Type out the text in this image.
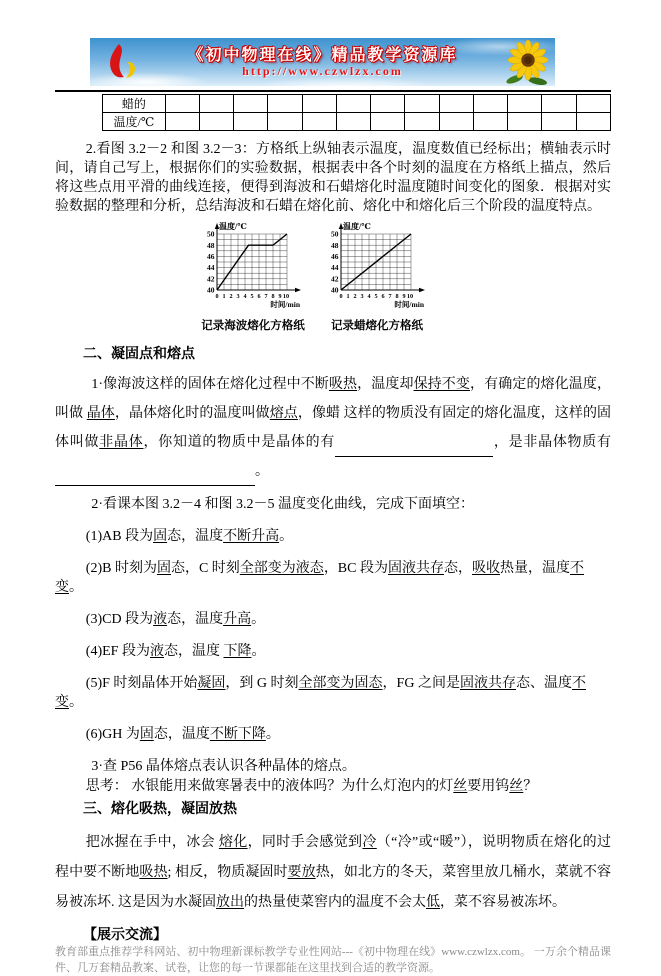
《初中物理在线》精品教学资源库
http://www.czwlzx.com
蜡的													
温度/℃													

2.看图 3.2－2 和图 3.2－3：方格纸上纵轴表示温度，温度数值已经标出；横轴表示时间，请自己写上，根据你们的实验数据，根据表中各个时刻的温度在方格纸上描点，然后将这些点用平滑的曲线连接，便得到海波和石蜡熔化时温度随时间变化的图象．根据对实验数据的整理和分析，总结海波和石蜡在熔化前、熔化中和熔化后三个阶段的温度特点。

40
42
44
46
48
50
0 1 2 3 4 5 6 7 8 9 10
温度/℃
时间/min
记录海波熔化方格纸
40
42
44
46
48
50
0 1 2 3 4 5 6 7 8 9 10
温度/℃
时间/min
记录蜡熔化方格纸

二、凝固点和熔点

1·像海波这样的固体在熔化过程中不断吸热，温度却保持不变，有确定的熔化温度，叫做 晶体，晶体熔化时的温度叫做熔点，像蜡 这样的物质没有固定的熔化温度，这样的固体叫做非晶体，你知道的物质中是晶体的有	，是非晶体物质有。

2·看课本图 3.2－4 和图 3.2－5 温度变化曲线，完成下面填空：

(1)AB 段为固态，温度不断升高。

(2)B 时刻为固态，C 时刻全部变为液态，BC 段为固液共存态，吸收热量，温度不变。

(3)CD 段为液态，温度升高。

(4)EF 段为液态，温度 下降。

(5)F 时刻晶体开始凝固，到 G 时刻全部变为固态，FG 之间是固液共存态、温度不变。

(6)GH 为固态，温度不断下降。

3·查 P56 晶体熔点表认识各种晶体的熔点。

思考： 水银能用来做寒暑表中的液体吗？为什么灯泡内的灯丝要用钨丝？

三、熔化吸热，凝固放热

把冰握在手中，冰会 熔化，同时手会感觉到冷（“冷”或“暖”），说明物质在熔化的过程中要不断地吸热; 相反，物质凝固时要放热，如北方的冬天，菜窖里放几桶水，菜就不容易被冻坏. 这是因为水凝固放出的热量使菜窖内的温度不会太低，菜不容易被冻坏。

【展示交流】

教育部重点推荐学科网站、初中物理新课标教学专业性网站---《初中物理在线》www.czwlzx.com。 一万余个精品课件、几万套精品教案、试卷，让您的每一节课都能在这里找到合适的教学资源。
